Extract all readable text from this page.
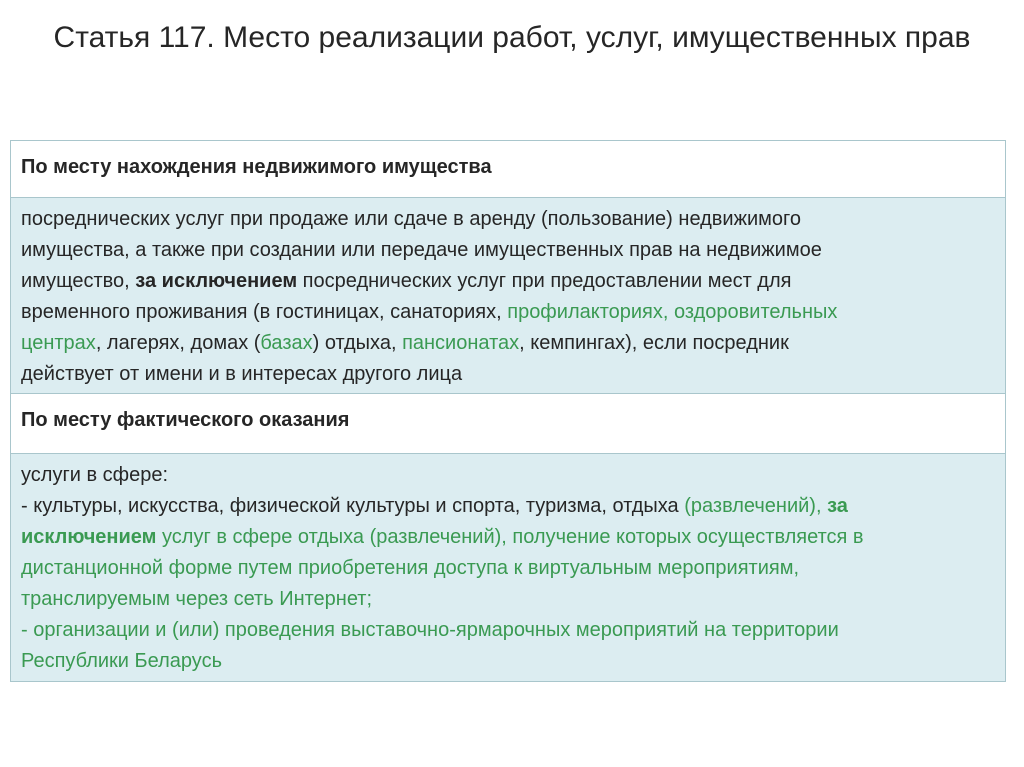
Статья 117. Место реализации работ, услуг, имущественных прав
По месту нахождения недвижимого имущества
посреднических услуг при продаже или сдаче в аренду (пользование) недвижимого
имущества, а также при создании или передаче имущественных прав на недвижимое
имущество, за исключением посреднических услуг при предоставлении мест для
временного проживания (в гостиницах, санаториях, профилакториях, оздоровительных
центрах, лагерях, домах (базах) отдыха, пансионатах, кемпингах), если посредник
действует от имени и в интересах другого лица
По месту фактического оказания
услуги в сфере:
- культуры, искусства, физической культуры и спорта, туризма, отдыха (развлечений), за
исключением услуг в сфере отдыха (развлечений), получение которых осуществляется в
дистанционной форме путем приобретения доступа к виртуальным мероприятиям,
транслируемым через сеть Интернет;
- организации и (или) проведения выставочно-ярмарочных мероприятий на территории
Республики Беларусь
